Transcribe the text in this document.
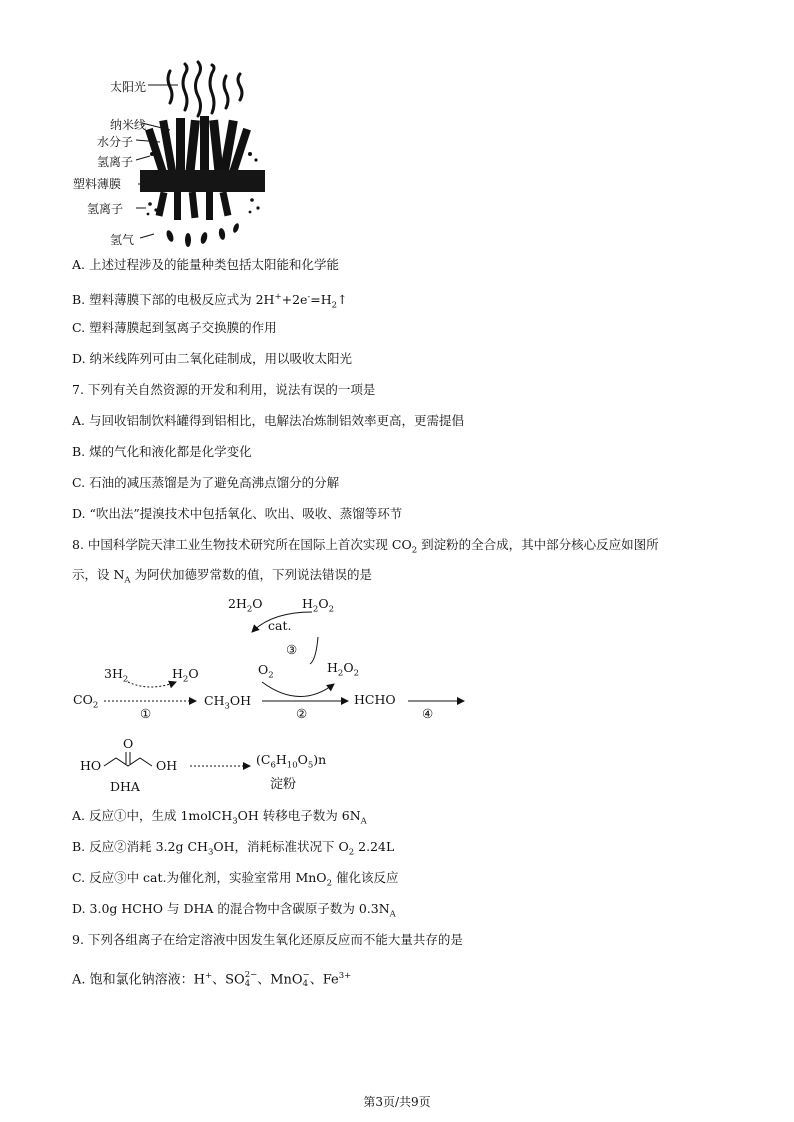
太阳光
纳米线
水分子
氢离子
塑料薄膜
氢离子
氢气
A. 上述过程涉及的能量种类包括太阳能和化学能
B. 塑料薄膜下部的电极反应式为 $2H^++2e^-=H_2↑$
C. 塑料薄膜起到氢离子交换膜的作用
D. 纳米线阵列可由二氧化硅制成，用以吸收太阳光
7. 下列有关自然资源的开发和利用，说法有误的一项是
A. 与回收铝制饮料罐得到铝相比，电解法冶炼制铝效率更高，更需提倡
B. 煤的气化和液化都是化学变化
C. 石油的减压蒸馏是为了避免高沸点馏分的分解
D. “吹出法”提溴技术中包括氧化、吹出、吸收、蒸馏等环节
8. 中国科学院天津工业生物技术研究所在国际上首次实现 $CO_2$ 到淀粉的全合成，其中部分核心反应如图所
示，设 $N_A$ 为阿伏加德罗常数的值，下列说法错误的是
$2H_2O$	$H_2O_2$
cat.
③
$O_2$
$H_2O_2$
$3H_2$	$H_2O$
$CO_2$
①
$CH_3OH$
②
HCHO
④
HO
O
OH
DHA
$(C_6H_{10}O_5)n$
淀粉
A. 反应①中，生成 1molCH$_3$OH 转移电子数为 $6N_A$
B. 反应②消耗 3.2g $CH_3OH$，消耗标准状况下 $O_2$ 2.24L
C. 反应③中 cat.为催化剂，实验室常用 MnO$_2$ 催化该反应
D. 3.0g HCHO 与 DHA 的混合物中含碳原子数为 $0.3N_A$
9. 下列各组离子在给定溶液中因发生氧化还原反应而不能大量共存的是
A. 饱和氯化钠溶液：H+、SO 2−
4 、MnO −
4 、$Fe^{3+}$
第3页/共9页
